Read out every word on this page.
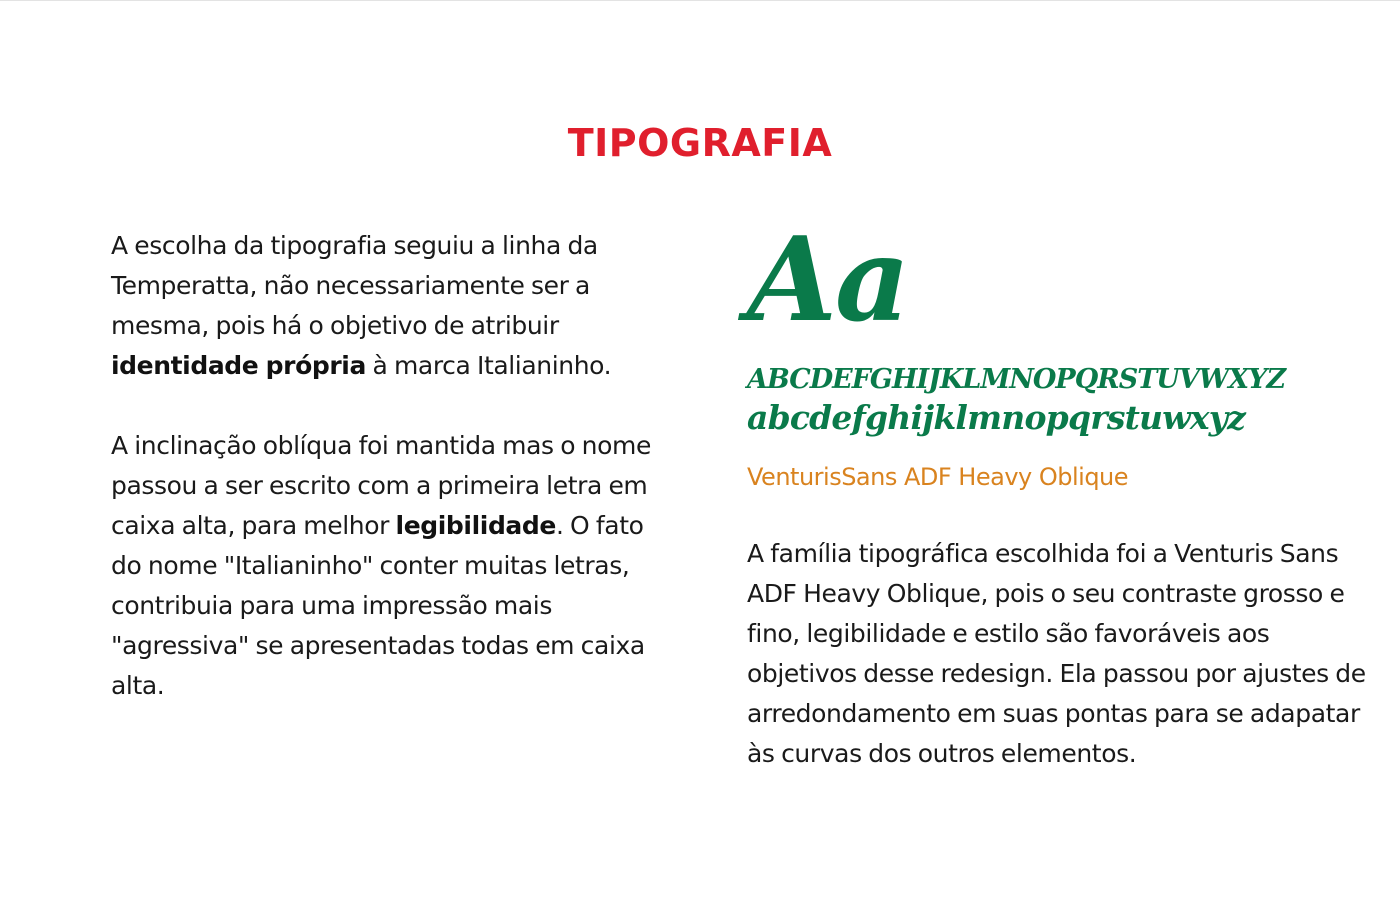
TIPOGRAFIA

A escolha da tipografia seguiu a linha da Temperatta, não necessariamente ser a mesma, pois há o objetivo de atribuir identidade própria à marca Italianinho.

A inclinação oblíqua foi mantida mas o nome passou a ser escrito com a primeira letra em caixa alta, para melhor legibilidade. O fato do nome "Italianinho" conter muitas letras, contribuia para uma impressão mais "agressiva" se apresentadas todas em caixa alta.

Aa
ABCDEFGHIJKLMNOPQRSTUVWXYZ
abcdefghijklmnopqrstuwxyz
VenturisSans ADF Heavy Oblique

A família tipográfica escolhida foi a Venturis Sans ADF Heavy Oblique, pois o seu contraste grosso e fino, legibilidade e estilo são favoráveis aos objetivos desse redesign. Ela passou por ajustes de arredondamento em suas pontas para se adapatar às curvas dos outros elementos.
